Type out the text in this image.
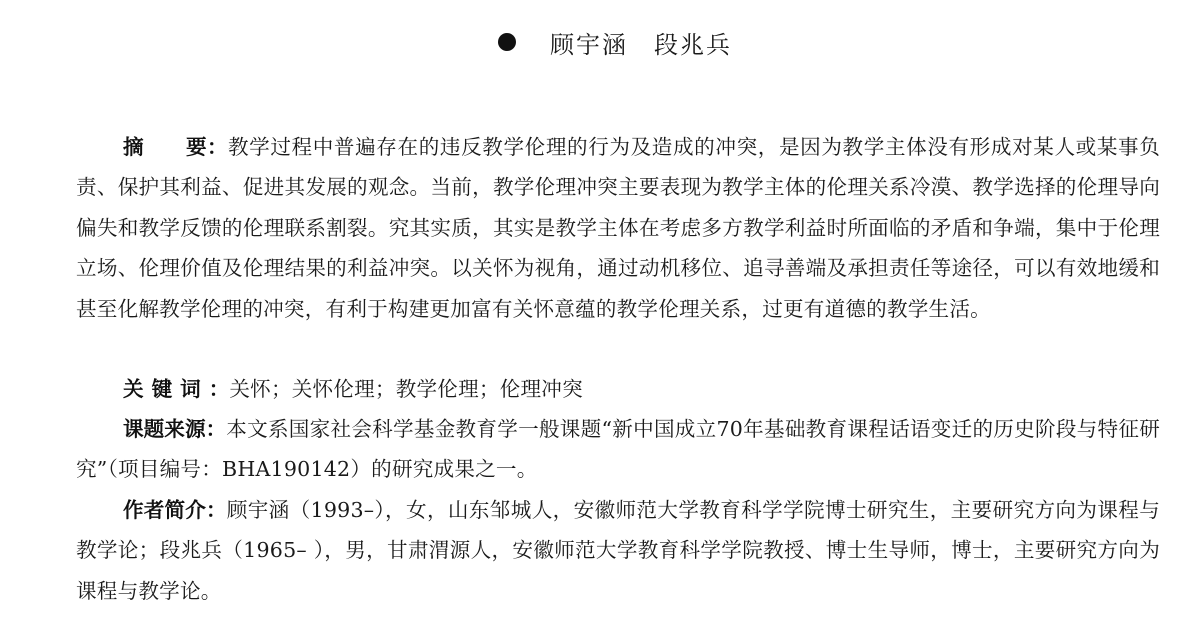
顾宇涵 段兆兵
摘　　要：教学过程中普遍存在的违反教学伦理的行为及造成的冲突，是因为教学主体没有形成对某人或某事负责、保护其利益、促进其发展的观念。当前，教学伦理冲突主要表现为教学主体的伦理关系冷漠、教学选择的伦理导向偏失和教学反馈的伦理联系割裂。究其实质，其实是教学主体在考虑多方教学利益时所面临的矛盾和争端，集中于伦理立场、伦理价值及伦理结果的利益冲突。以关怀为视角，通过动机移位、追寻善端及承担责任等途径，可以有效地缓和甚至化解教学伦理的冲突，有利于构建更加富有关怀意蕴的教学伦理关系，过更有道德的教学生活。
关键词：关怀；关怀伦理；教学伦理；伦理冲突
课题来源：本文系国家社会科学基金教育学一般课题“新中国成立70年基础教育课程话语变迁的历史阶段与特征研究”（项目编号：BHA190142）的研究成果之一。
作者简介：顾宇涵（1993–），女，山东邹城人，安徽师范大学教育科学学院博士研究生，主要研究方向为课程与教学论；段兆兵（1965– ），男，甘肃渭源人，安徽师范大学教育科学学院教授、博士生导师，博士，主要研究方向为课程与教学论。
